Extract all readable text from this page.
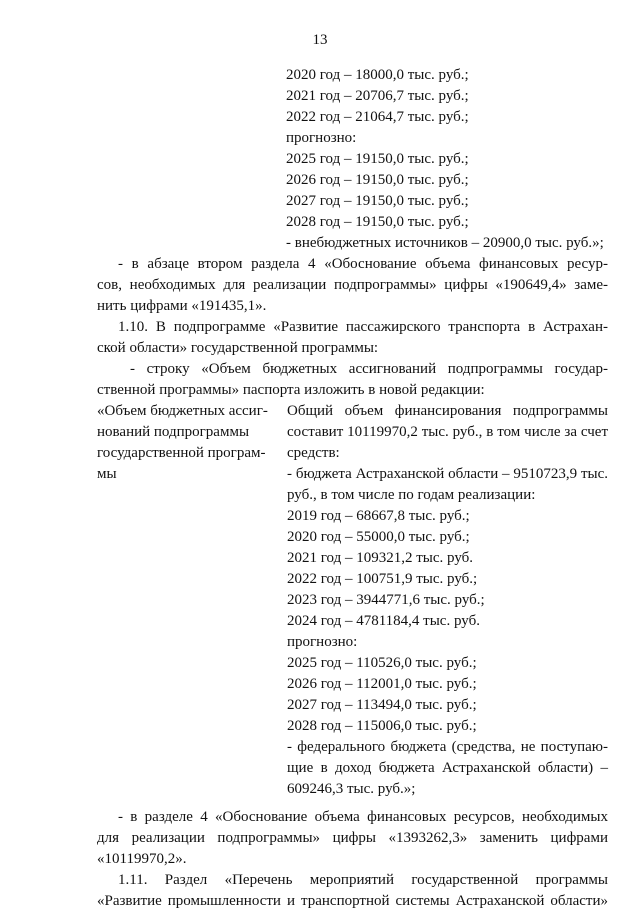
13
2020 год – 18000,0 тыс. руб.;
2021 год – 20706,7 тыс. руб.;
2022 год – 21064,7 тыс. руб.;
прогнозно:
2025 год – 19150,0 тыс. руб.;
2026 год – 19150,0 тыс. руб.;
2027 год – 19150,0 тыс. руб.;
2028 год – 19150,0 тыс. руб.;
- внебюджетных источников – 20900,0 тыс. руб.»;
- в абзаце втором раздела 4 «Обоснование объема финансовых ресур-
сов, необходимых для реализации подпрограммы» цифры «190649,4» заме-
нить цифрами «191435,1».
1.10. В подпрограмме «Развитие пассажирского транспорта в Астрахан-
ской области» государственной программы:
- строку «Объем бюджетных ассигнований подпрограммы государ-
ственной программы» паспорта изложить в новой редакции:
«Объем бюджетных ассиг-
нований подпрограммы
государственной програм-
мы
Общий объем финансирования подпрограммы
составит 10119970,2 тыс. руб., в том числе за счет
средств:
- бюджета Астраханской области – 9510723,9 тыс.
руб., в том числе по годам реализации:
2019 год – 68667,8 тыс. руб.;
2020 год – 55000,0 тыс. руб.;
2021 год – 109321,2 тыс. руб.
2022 год – 100751,9 тыс. руб.;
2023 год – 3944771,6 тыс. руб.;
2024 год – 4781184,4 тыс. руб.
прогнозно:
2025 год – 110526,0 тыс. руб.;
2026 год – 112001,0 тыс. руб.;
2027 год – 113494,0 тыс. руб.;
2028 год – 115006,0 тыс. руб.;
- федерального бюджета (средства, не поступаю-
щие в доход бюджета Астраханской области) –
609246,3 тыс. руб.»;
- в разделе 4 «Обоснование объема финансовых ресурсов, необходимых
для реализации подпрограммы» цифры «1393262,3» заменить цифрами
«10119970,2».
1.11. Раздел «Перечень мероприятий государственной программы
«Развитие промышленности и транспортной системы Астраханской области»
